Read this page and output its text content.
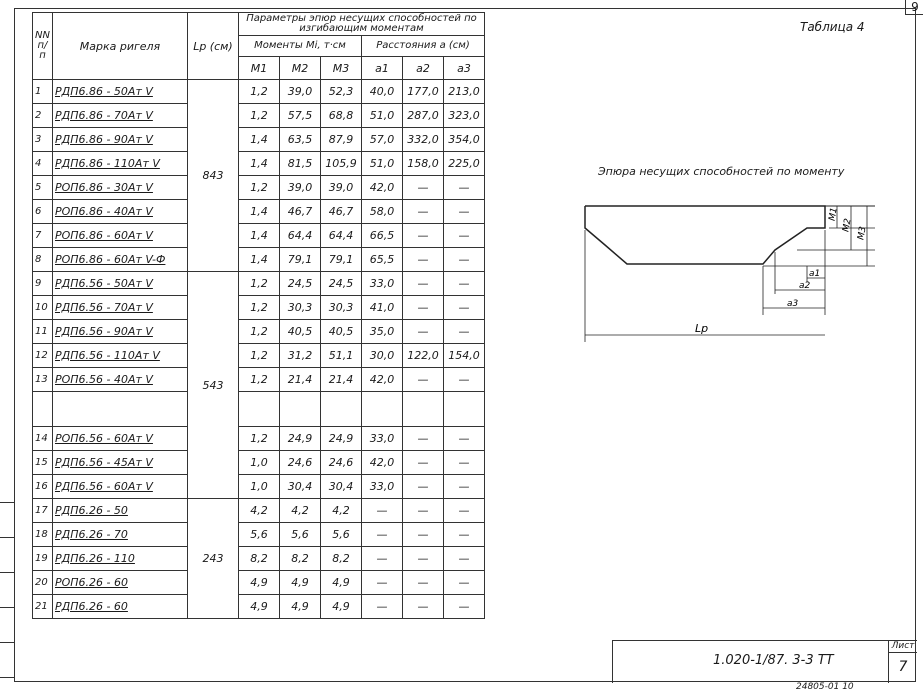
9
Таблица 4
NN п/п	Марка ригеля	Lр (см)	Параметры эпюр несущих способностей по изгибающим моментам					
			Моменты Mi, т·см			Расстояния a (см)		
			M1	M2	M3	a1	a2	a3
1	РДП6.86 - 50Ат V	843	1,2	39,0	52,3	40,0	177,0	213,0
2	РДП6.86 - 70Ат V		1,2	57,5	68,8	51,0	287,0	323,0
3	РДП6.86 - 90Ат V		1,4	63,5	87,9	57,0	332,0	354,0
4	РДП6.86 - 110Ат V		1,4	81,5	105,9	51,0	158,0	225,0
5	РОП6.86 - 30Ат V		1,2	39,0	39,0	42,0	—	—
6	РОП6.86 - 40Ат V		1,4	46,7	46,7	58,0	—	—
7	РОП6.86 - 60Ат V		1,4	64,4	64,4	66,5	—	—
8	РОП6.86 - 60Ат V-Ф		1,4	79,1	79,1	65,5	—	—
9	РДП6.56 - 50Ат V	543	1,2	24,5	24,5	33,0	—	—
10	РДП6.56 - 70Ат V		1,2	30,3	30,3	41,0	—	—
11	РДП6.56 - 90Ат V		1,2	40,5	40,5	35,0	—	—
12	РДП6.56 - 110Ат V		1,2	31,2	51,1	30,0	122,0	154,0
13	РОП6.56 - 40Ат V		1,2	21,4	21,4	42,0	—	—

14	РОП6.56 - 60Ат V		1,2	24,9	24,9	33,0	—	—
15	РДП6.56 - 45Ат V		1,0	24,6	24,6	42,0	—	—
16	РДП6.56 - 60Ат V		1,0	30,4	30,4	33,0	—	—
17	РДП6.26 - 50	243	4,2	4,2	4,2	—	—	—
18	РДП6.26 - 70		5,6	5,6	5,6	—	—	—
19	РДП6.26 - 110		8,2	8,2	8,2	—	—	—
20	РОП6.26 - 60		4,9	4,9	4,9	—	—	—
21	РДП6.26 - 60		4,9	4,9	4,9	—	—	—
Эпюра несущих способностей по моменту
M1
M2
M3
a1
a2
a3
Lp
1.020-1/87. 3-3 ТТ
Лист
7
24805-01 10
